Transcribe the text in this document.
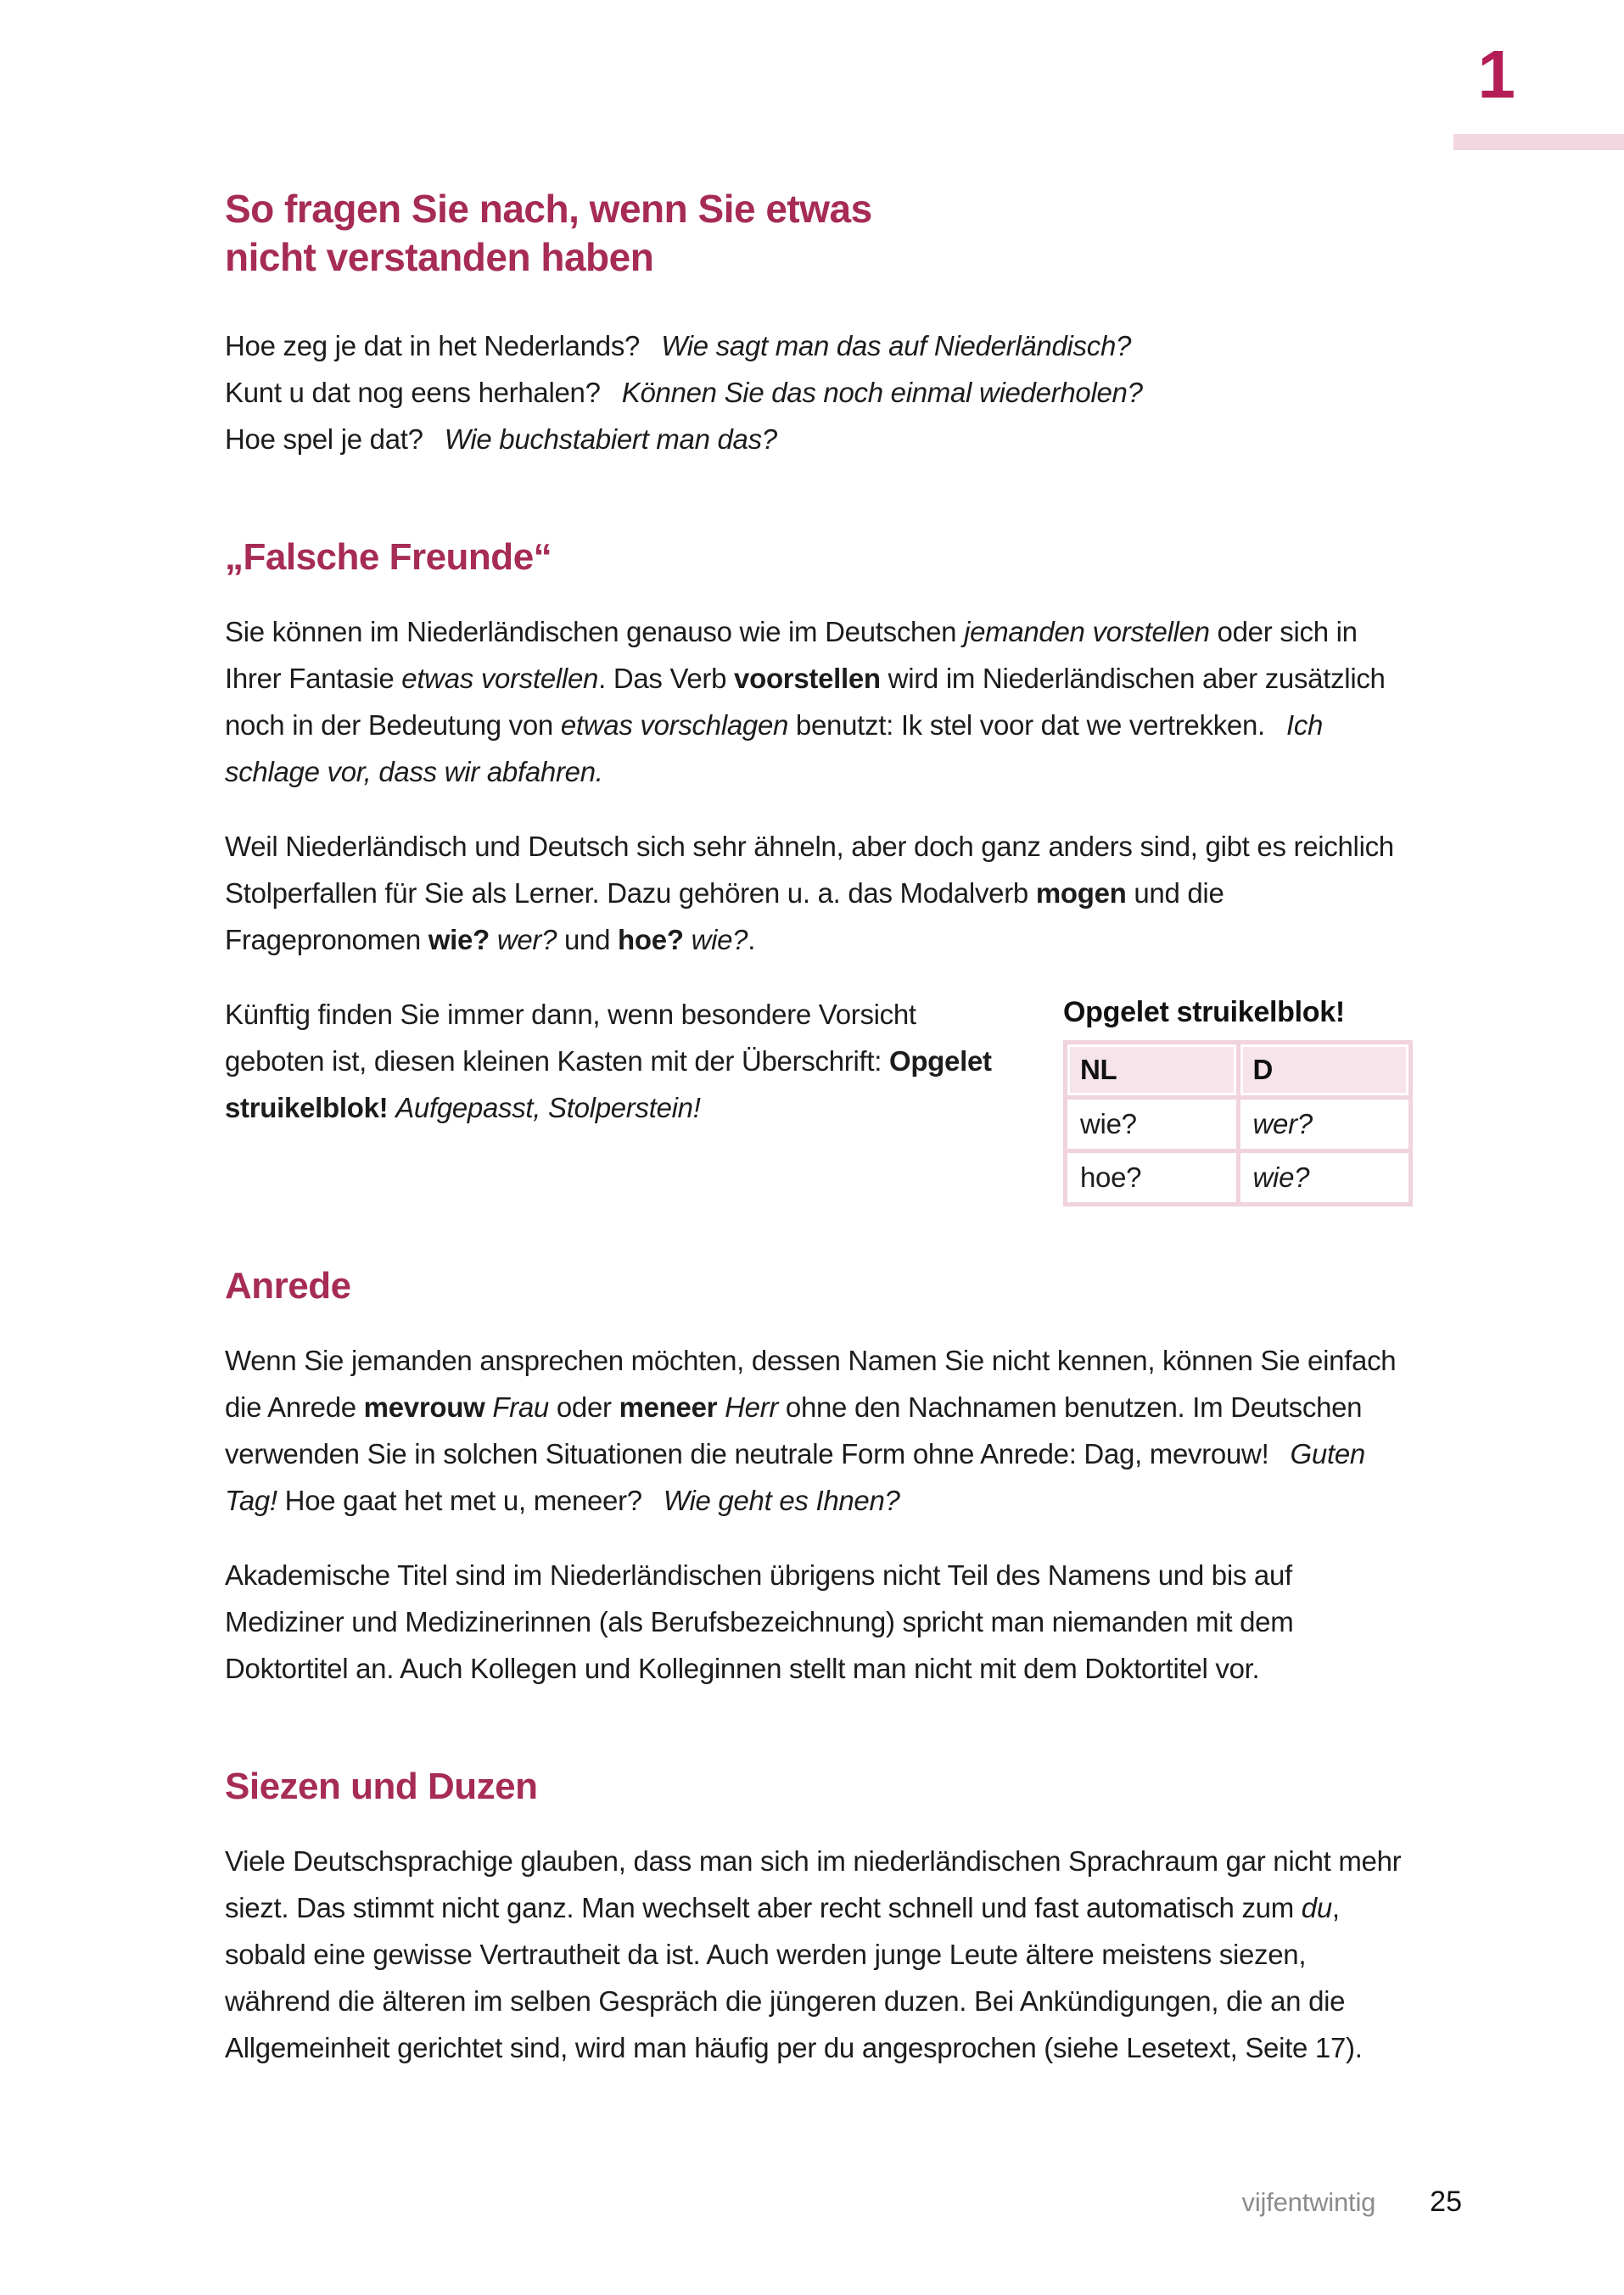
1
So fragen Sie nach, wenn Sie etwas
nicht verstanden haben
Hoe zeg je dat in het Nederlands?  Wie sagt man das auf Niederländisch?
Kunt u dat nog eens herhalen?  Können Sie das noch einmal wiederholen?
Hoe spel je dat?  Wie buchstabiert man das?
„Falsche Freunde“

Sie können im Niederländischen genauso wie im Deutschen jemanden vorstellen oder sich in Ihrer Fantasie etwas vorstellen. Das Verb voorstellen wird im Niederländischen aber zusätzlich noch in der Bedeutung von etwas vorschlagen benutzt: Ik stel voor dat we vertrekken.  Ich schlage vor, dass wir abfahren.

Weil Niederländisch und Deutsch sich sehr ähneln, aber doch ganz anders sind, gibt es reichlich Stolperfallen für Sie als Lerner. Dazu gehören u. a. das Modalverb mogen und die Fragepronomen wie? wer? und hoe? wie?.

Opgelet struikelblok!
NL	D
wie?	wer?
hoe?	wie?

Künftig finden Sie immer dann, wenn besondere Vorsicht geboten ist, diesen kleinen Kasten mit der Überschrift: Opgelet struikelblok! Aufgepasst, Stolperstein!

Anrede

Wenn Sie jemanden ansprechen möchten, dessen Namen Sie nicht kennen, können Sie einfach die Anrede mevrouw Frau oder meneer Herr ohne den Nachnamen benutzen. Im Deutschen verwenden Sie in solchen Situationen die neutrale Form ohne Anrede: Dag, mevrouw!  Guten Tag! Hoe gaat het met u, meneer?  Wie geht es Ihnen?

Akademische Titel sind im Niederländischen übrigens nicht Teil des Namens und bis auf Mediziner und Medizinerinnen (als Berufsbezeichnung) spricht man niemanden mit dem Doktortitel an. Auch Kollegen und Kolleginnen stellt man nicht mit dem Doktortitel vor.

Siezen und Duzen

Viele Deutschsprachige glauben, dass man sich im niederländischen Sprachraum gar nicht mehr siezt. Das stimmt nicht ganz. Man wechselt aber recht schnell und fast automatisch zum du, sobald eine gewisse Vertrautheit da ist. Auch werden junge Leute ältere meistens siezen, während die älteren im selben Gespräch die jüngeren duzen. Bei Ankündigungen, die an die Allgemeinheit gerichtet sind, wird man häufig per du angesprochen (siehe Lesetext, Seite 17).

vijfentwintig 25
